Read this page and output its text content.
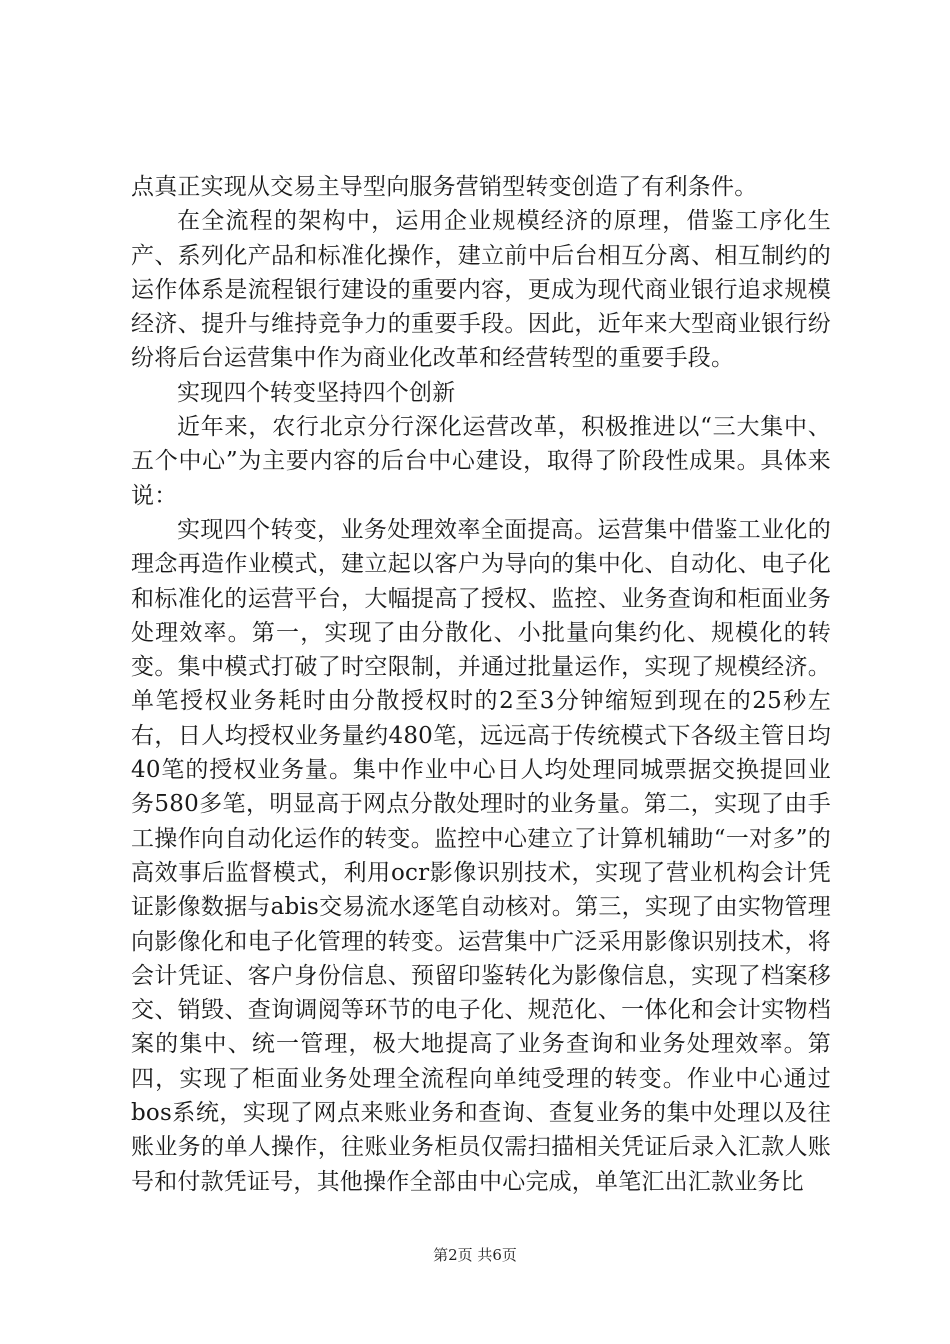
点真正实现从交易主导型向服务营销型转变创造了有利条件。

在全流程的架构中，运用企业规模经济的原理，借鉴工序化生产、系列化产品和标准化操作，建立前中后台相互分离、相互制约的运作体系是流程银行建设的重要内容，更成为现代商业银行追求规模经济、提升与维持竞争力的重要手段。因此，近年来大型商业银行纷纷将后台运营集中作为商业化改革和经营转型的重要手段。

实现四个转变坚持四个创新

近年来，农行北京分行深化运营改革，积极推进以“三大集中、五个中心”为主要内容的后台中心建设，取得了阶段性成果。具体来说：

实现四个转变，业务处理效率全面提高。运营集中借鉴工业化的理念再造作业模式，建立起以客户为导向的集中化、自动化、电子化和标准化的运营平台，大幅提高了授权、监控、业务查询和柜面业务处理效率。第一，实现了由分散化、小批量向集约化、规模化的转变。集中模式打破了时空限制，并通过批量运作，实现了规模经济。单笔授权业务耗时由分散授权时的2至3分钟缩短到现在的25秒左右，日人均授权业务量约480笔，远远高于传统模式下各级主管日均40笔的授权业务量。集中作业中心日人均处理同城票据交换提回业务580多笔，明显高于网点分散处理时的业务量。第二，实现了由手工操作向自动化运作的转变。监控中心建立了计算机辅助“一对多”的高效事后监督模式，利用ocr影像识别技术，实现了营业机构会计凭证影像数据与abis交易流水逐笔自动核对。第三，实现了由实物管理向影像化和电子化管理的转变。运营集中广泛采用影像识别技术，将会计凭证、客户身份信息、预留印鉴转化为影像信息，实现了档案移交、销毁、查询调阅等环节的电子化、规范化、一体化和会计实物档案的集中、统一管理，极大地提高了业务查询和业务处理效率。第四，实现了柜面业务处理全流程向单纯受理的转变。作业中心通过bos系统，实现了网点来账业务和查询、查复业务的集中处理以及往账业务的单人操作，往账业务柜员仅需扫描相关凭证后录入汇款人账号和付款凭证号，其他操作全部由中心完成，单笔汇出汇款业务比

第2页 共6页
